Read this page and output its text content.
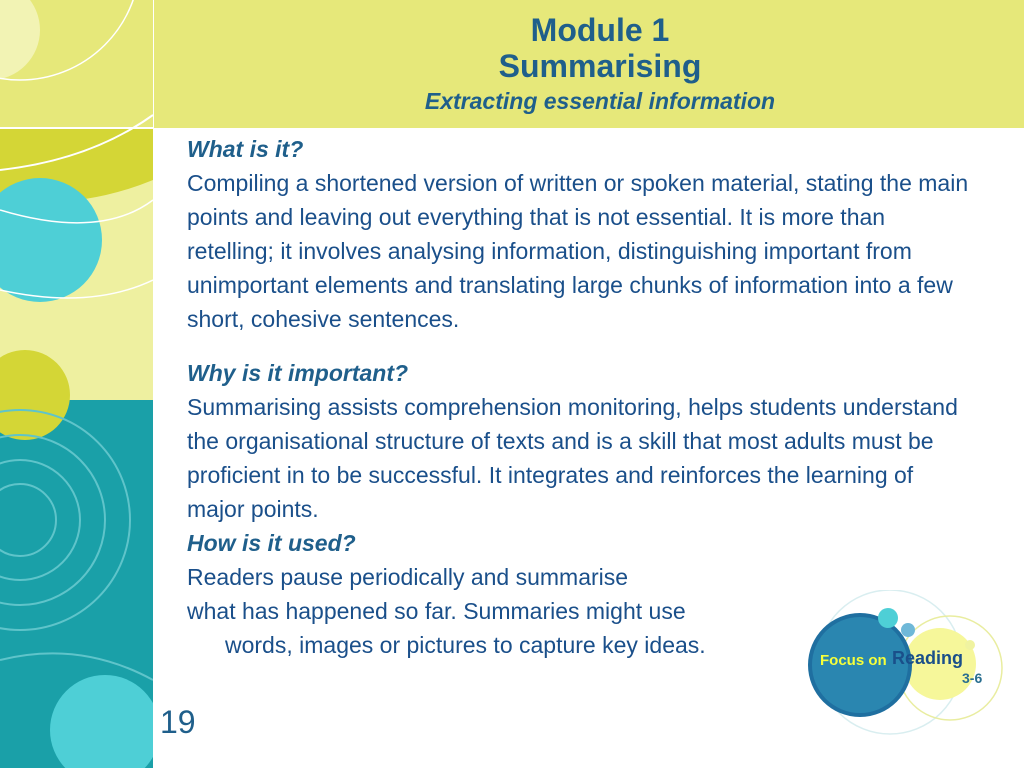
Module 1
Summarising
Extracting essential information
What is it?

Compiling a shortened version of written or spoken material, stating the main points and leaving out everything that is not essential. It is more than retelling; it involves analysing information, distinguishing important from unimportant elements and translating large chunks of information into a few short, cohesive sentences.

Why is it important?

Summarising assists comprehension monitoring, helps students understand the organisational structure of texts and is a skill that most adults must be proficient in to be successful. It integrates and reinforces the learning of major points.

How is it used?

Readers pause periodically and summarise

what has happened so far. Summaries might use

words, images or pictures to capture key ideas.

19
Focus on Reading
3-6
